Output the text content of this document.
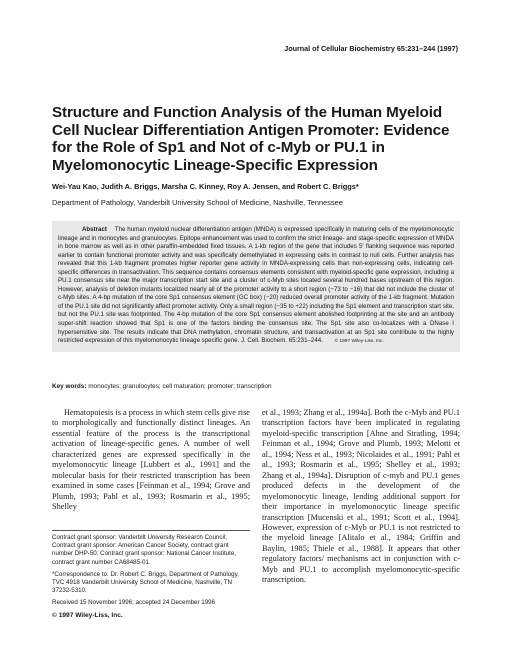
Journal of Cellular Biochemistry 65:231–244 (1997)
Structure and Function Analysis of the Human Myeloid Cell Nuclear Differentiation Antigen Promoter: Evidence for the Role of Sp1 and Not of c-Myb or PU.1 in Myelomonocytic Lineage-Specific Expression
Wei-Yau Kao, Judith A. Briggs, Marsha C. Kinney, Roy A. Jensen, and Robert C. Briggs*
Department of Pathology, Vanderbilt University School of Medicine, Nashville, Tennessee
Abstract The human myeloid nuclear differentiation antigen (MNDA) is expressed specifically in maturing cells of the myelomonocytic lineage and in monocytes and granulocytes. Epitope enhancement was used to confirm the strict lineage- and stage-specific expression of MNDA in bone marrow as well as in other paraffin-embedded fixed tissues. A 1-kb region of the gene that includes 5′ flanking sequence was reported earlier to contain functional promoter activity and was specifically demethylated in expressing cells in contrast to null cells. Further analysis has revealed that this 1-kb fragment promotes higher reporter gene activity in MNDA-expressing cells than non-expressing cells, indicating cell-specific differences in transactivation. This sequence contains consensus elements consistent with myeloid-specific gene expression, including a PU.1 consensus site near the major transcription start site and a cluster of c-Myb sites located several hundred bases upstream of this region. However, analysis of deletion mutants localized nearly all of the promoter activity to a short region (−73 to −16) that did not include the cluster of c-Myb sites. A 4-bp mutation of the core Sp1 consensus element (GC box) (−20) reduced overall promoter activity of the 1-kb fragment. Mutation of the PU.1 site did not significantly affect promoter activity. Only a small region (−35 to +22) including the Sp1 element and transcription start site, but not the PU.1 site was footprinted. The 4-bp mutation of the core Sp1 consensus element abolished footprinting at the site and an antibody super-shift reaction showed that Sp1 is one of the factors binding the consensus site. The Sp1 site also co-localizes with a DNase I hypersensitive site. The results indicate that DNA methylation, chromatin structure, and transactivation at an Sp1 site contribute to the highly restricted expression of this myelomonocytic lineage specific gene. J. Cell. Biochem. 65:231–244. © 1997 Wiley-Liss, Inc.
Key words: monocytes; granulocytes; cell maturation; promoter; transcription

Hematopoiesis is a process in which stem cells give rise to morphologically and functionally distinct lineages. An essential feature of the process is the transcriptional activation of lineage-specific genes. A number of well characterized genes are expressed specifically in the myelomonocytic lineage [Lubbert et al., 1991] and the molecular basis for their restricted transcription has been examined in some cases [Feinman et al., 1994; Grove and Plumb, 1993; Pahl et al., 1993; Rosmarin et al., 1995; Shelley

et al., 1993; Zhang et al., 1994a]. Both the c-Myb and PU.1 transcription factors have been implicated in regulating myeloid-specific transcription [Ahne and Stratling, 1994; Feinman et al., 1994; Grove and Plumb, 1993; Melotti et al., 1994; Ness et al., 1993; Nicolaides et al., 1991; Pahl et al., 1993; Rosmarin et al., 1995; Shelley et al., 1993; Zhang et al., 1994a]. Disruption of c-myb and PU.1 genes produced defects in the development of the myelomonocytic lineage, lending additional support for their importance in myelomonocytic lineage specific transcription [Mucenski et al., 1991; Scott et al., 1994]. However, expression of c-Myb or PU.1 is not restricted to the myeloid lineage [Alitalo et al., 1984; Griffin and Baylin, 1985; Thiele et al., 1988]. It appears that other regulatory factors/ mechanisms act in conjunction with c-Myb and PU.1 to accomplish myelomonocytic-specific transcription.

Contract grant sponsor: Vanderbilt University Research Council; Contract grant sponsor: American Cancer Society, contract grant number DHP-50; Contract grant sponsor: National Cancer Institute, contract grant number CA68485-01.

*Correspondence to: Dr. Robert C. Briggs, Department of Pathology, TVC 4918 Vanderbilt University School of Medicine, Nashville, TN 37232-5310.

Received 15 November 1996; accepted 24 December 1996

© 1997 Wiley-Liss, Inc.
